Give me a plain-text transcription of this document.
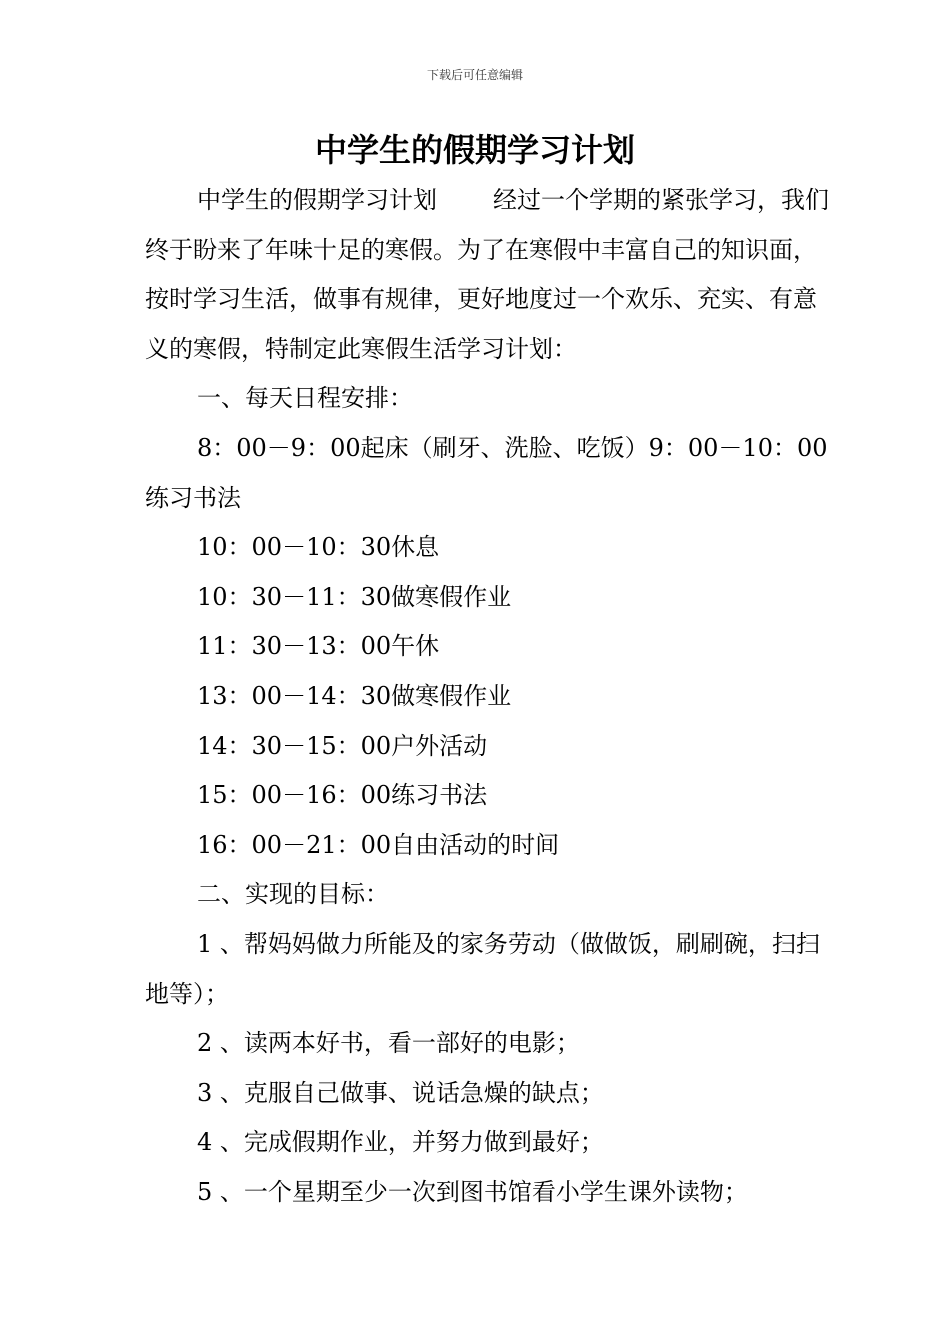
下载后可任意编辑
中学生的假期学习计划

中学生的假期学习计划 经过一个学期的紧张学习，我们终于盼来了年味十足的寒假。为了在寒假中丰富自己的知识面，按时学习生活，做事有规律，更好地度过一个欢乐、充实、有意义的寒假，特制定此寒假生活学习计划：

一、每天日程安排：

8：00－9：00起床（刷牙、洗脸、吃饭）9：00－10：00练习书法

10：00－10：30休息

10：30－11：30做寒假作业

11：30－13：00午休

13：00－14：30做寒假作业

14：30－15：00户外活动

15：00－16：00练习书法

16：00－21：00自由活动的时间

二、实现的目标：

1 、帮妈妈做力所能及的家务劳动（做做饭，刷刷碗，扫扫地等）；

2 、读两本好书，看一部好的电影；

3 、克服自己做事、说话急燥的缺点；

4 、完成假期作业，并努力做到最好；

5 、一个星期至少一次到图书馆看小学生课外读物；
